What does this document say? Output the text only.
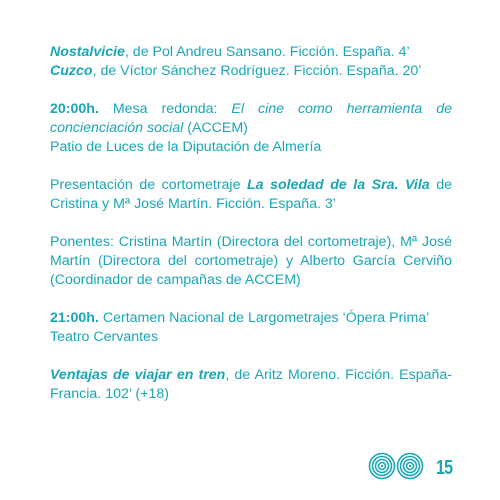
Nostalvicie, de Pol Andreu Sansano. Ficción. España. 4’

Cuzco, de Víctor Sánchez Rodríguez. Ficción. España. 20’

20:00h. Mesa redonda: El cine como herramienta de concienciación social (ACCEM)

Patio de Luces de la Diputación de Almería

Presentación de cortometraje La soledad de la Sra. Vila de Cristina y Mª José Martín. Ficción. España. 3’

Ponentes: Cristina Martín (Directora del cortometraje), Mª José Martín (Directora del cortometraje) y Alberto García Cerviño (Coordinador de campañas de ACCEM)

21:00h. Certamen Nacional de Largometrajes ‘Ópera Prima’

Teatro Cervantes

Ventajas de viajar en tren, de Aritz Moreno. Ficción. España-Francia. 102’ (+18)

15
